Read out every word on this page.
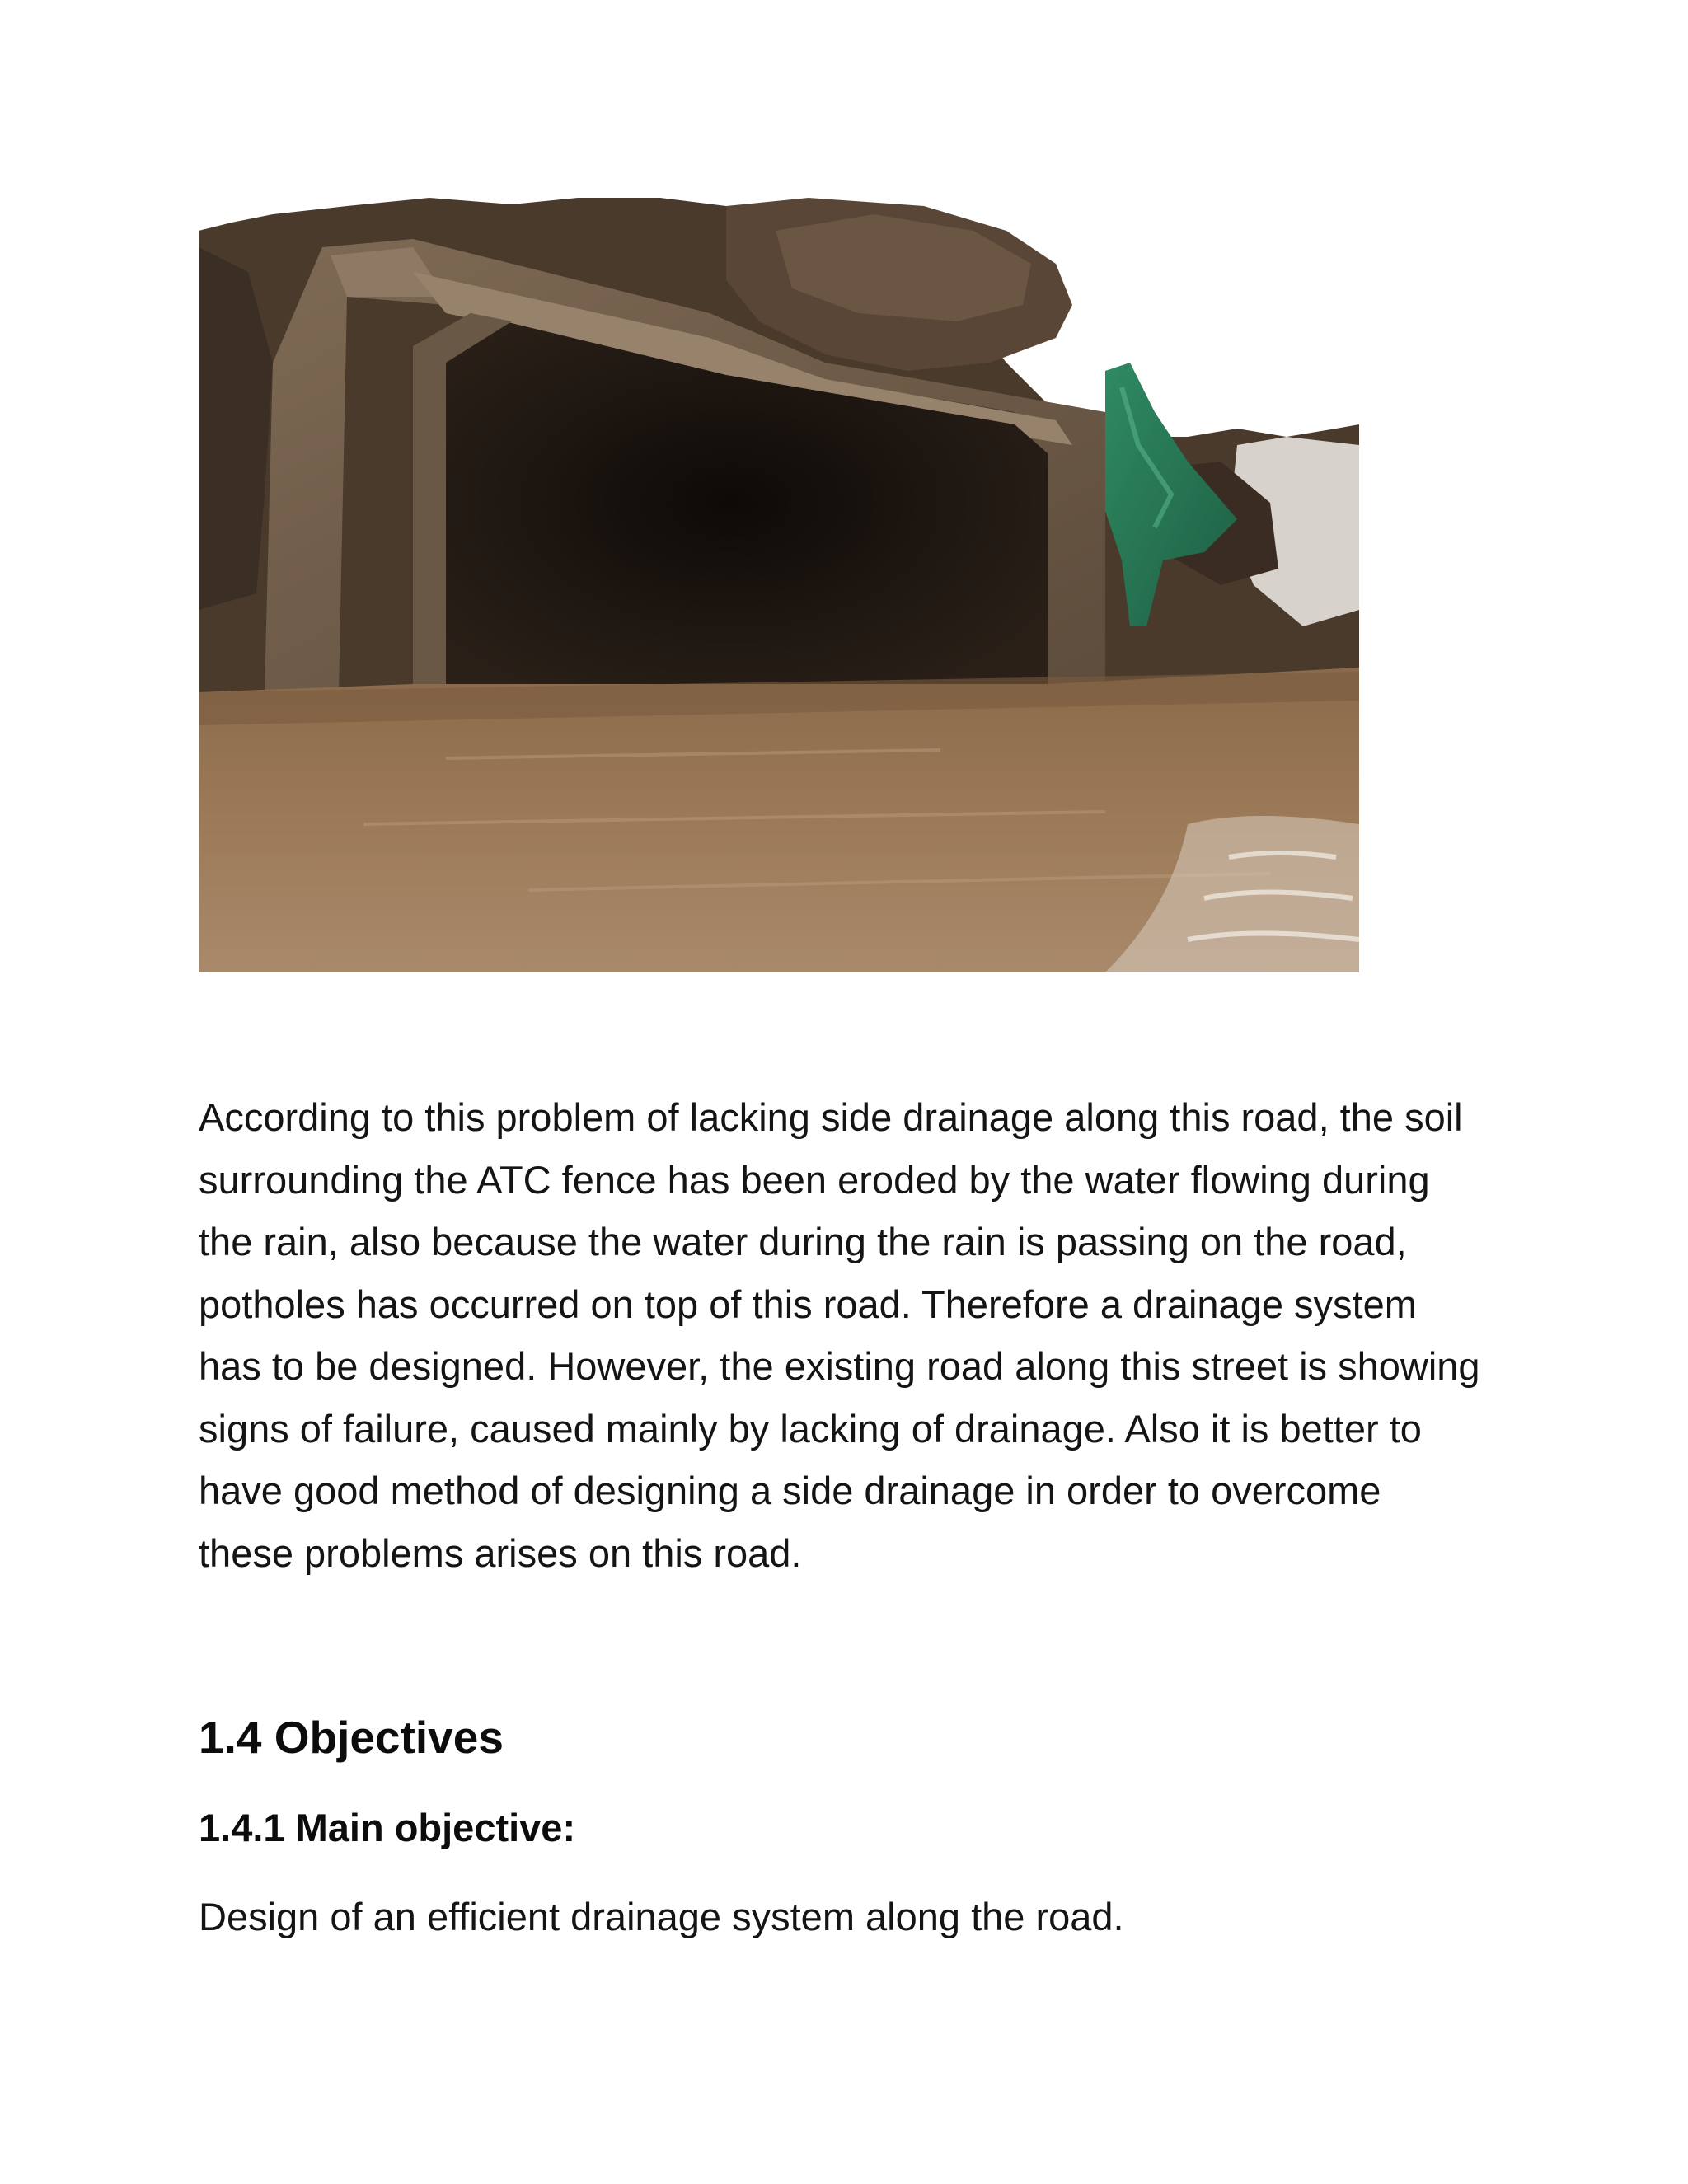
According to this problem of lacking side drainage along this road, the soil surrounding the ATC fence has been eroded by the water flowing during the rain, also because the water during the rain is passing on the road, potholes has occurred on top of this road. Therefore a drainage system has to be designed. However, the existing road along this street is showing signs of failure, caused mainly by lacking of drainage. Also it is better to have good method of designing a side drainage in order to overcome these problems arises on this road.

1.4 Objectives
1.4.1 Main objective:

Design of an efficient drainage system along the road.
